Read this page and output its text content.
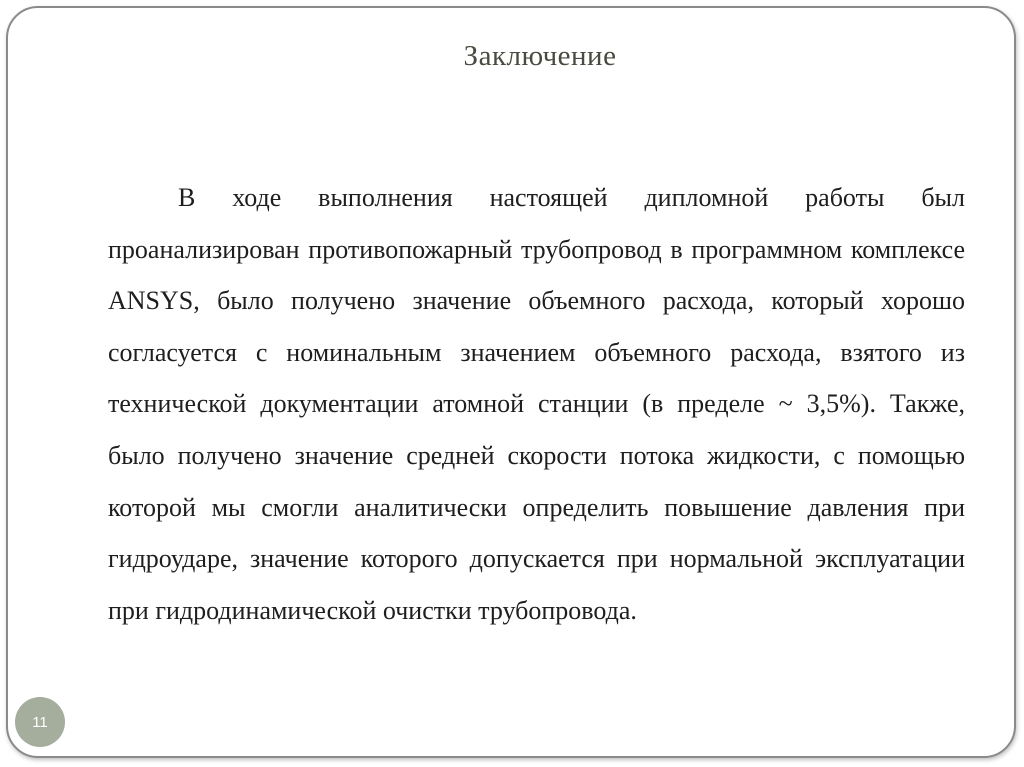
Заключение

В ходе выполнения настоящей дипломной работы был проанализирован противопожарный трубопровод в программном комплексе ANSYS, было получено значение объемного расхода, который хорошо согласуется с номинальным значением объемного расхода, взятого из технической документации атомной станции (в пределе ~ 3,5%). Также, было получено значение средней скорости потока жидкости, с помощью которой мы смогли аналитически определить повышение давления при гидроударе, значение которого допускается при нормальной эксплуатации при гидродинамической очистки трубопровода.

11
